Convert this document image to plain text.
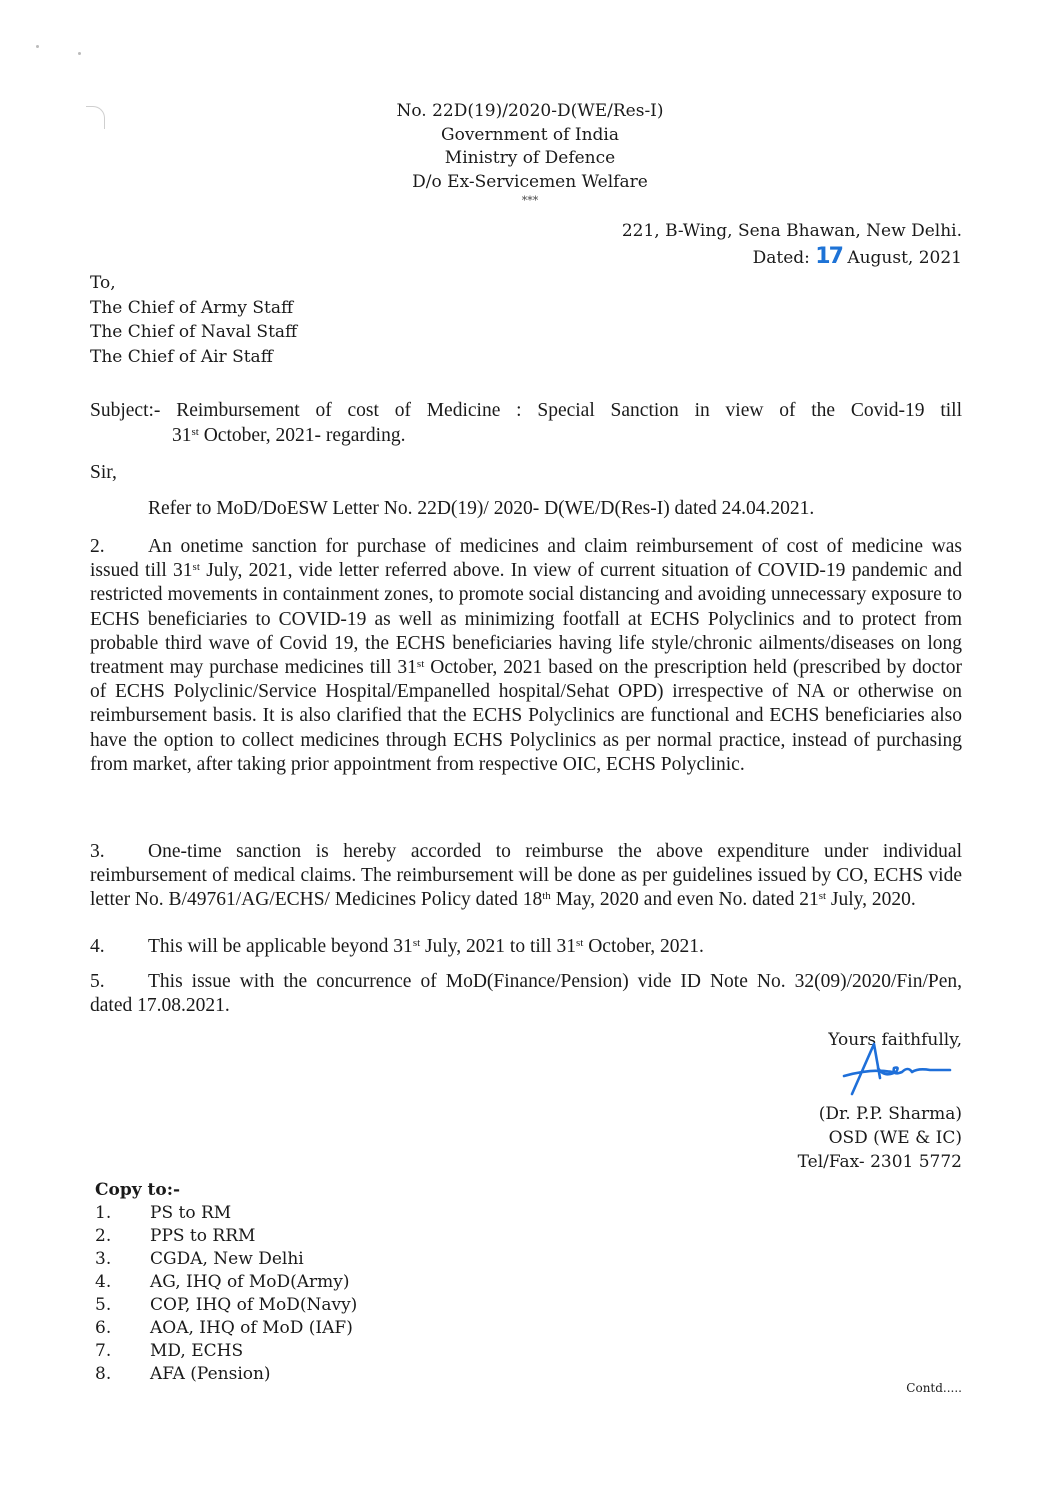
No. 22D(19)/2020-D(WE/Res-I)
Government of India
Ministry of Defence
D/o Ex-Servicemen Welfare
***
221, B-Wing, Sena Bhawan, New Delhi.
Dated: 17 August, 2021
To,
The Chief of Army Staff
The Chief of Naval Staff
The Chief of Air Staff
Subject:- Reimbursement of cost of Medicine : Special Sanction in view of the Covid-19 till
31st October, 2021- regarding.
Sir,
Refer to MoD/DoESW Letter No. 22D(19)/ 2020- D(WE/D(Res-I) dated 24.04.2021.
2. An onetime sanction for purchase of medicines and claim reimbursement of cost of medicine was issued till 31st July, 2021, vide letter referred above. In view of current situation of COVID-19 pandemic and restricted movements in containment zones, to promote social distancing and avoiding unnecessary exposure to ECHS beneficiaries to COVID-19 as well as minimizing footfall at ECHS Polyclinics and to protect from probable third wave of Covid 19, the ECHS beneficiaries having life style/chronic ailments/diseases on long treatment may purchase medicines till 31st October, 2021 based on the prescription held (prescribed by doctor of ECHS Polyclinic/Service Hospital/Empanelled hospital/Sehat OPD) irrespective of NA or otherwise on reimbursement basis. It is also clarified that the ECHS Polyclinics are functional and ECHS beneficiaries also have the option to collect medicines through ECHS Polyclinics as per normal practice, instead of purchasing from market, after taking prior appointment from respective OIC, ECHS Polyclinic.
3. One-time sanction is hereby accorded to reimburse the above expenditure under individual reimbursement of medical claims. The reimbursement will be done as per guidelines issued by CO, ECHS vide letter No. B/49761/AG/ECHS/ Medicines Policy dated 18th May, 2020 and even No. dated 21st July, 2020.
4. This will be applicable beyond 31st July, 2021 to till 31st October, 2021.
5. This issue with the concurrence of MoD(Finance/Pension) vide ID Note No. 32(09)/2020/Fin/Pen, dated 17.08.2021.
Yours faithfully,
(Dr. P.P. Sharma)
OSD (WE & IC)
Tel/Fax- 2301 5772
Copy to:-
1.	PS to RM
2.	PPS to RRM
3.	CGDA, New Delhi
4.	AG, IHQ of MoD(Army)
5.	COP, IHQ of MoD(Navy)
6.	AOA, IHQ of MoD (IAF)
7.	MD, ECHS
8.	AFA (Pension)
Contd.....
